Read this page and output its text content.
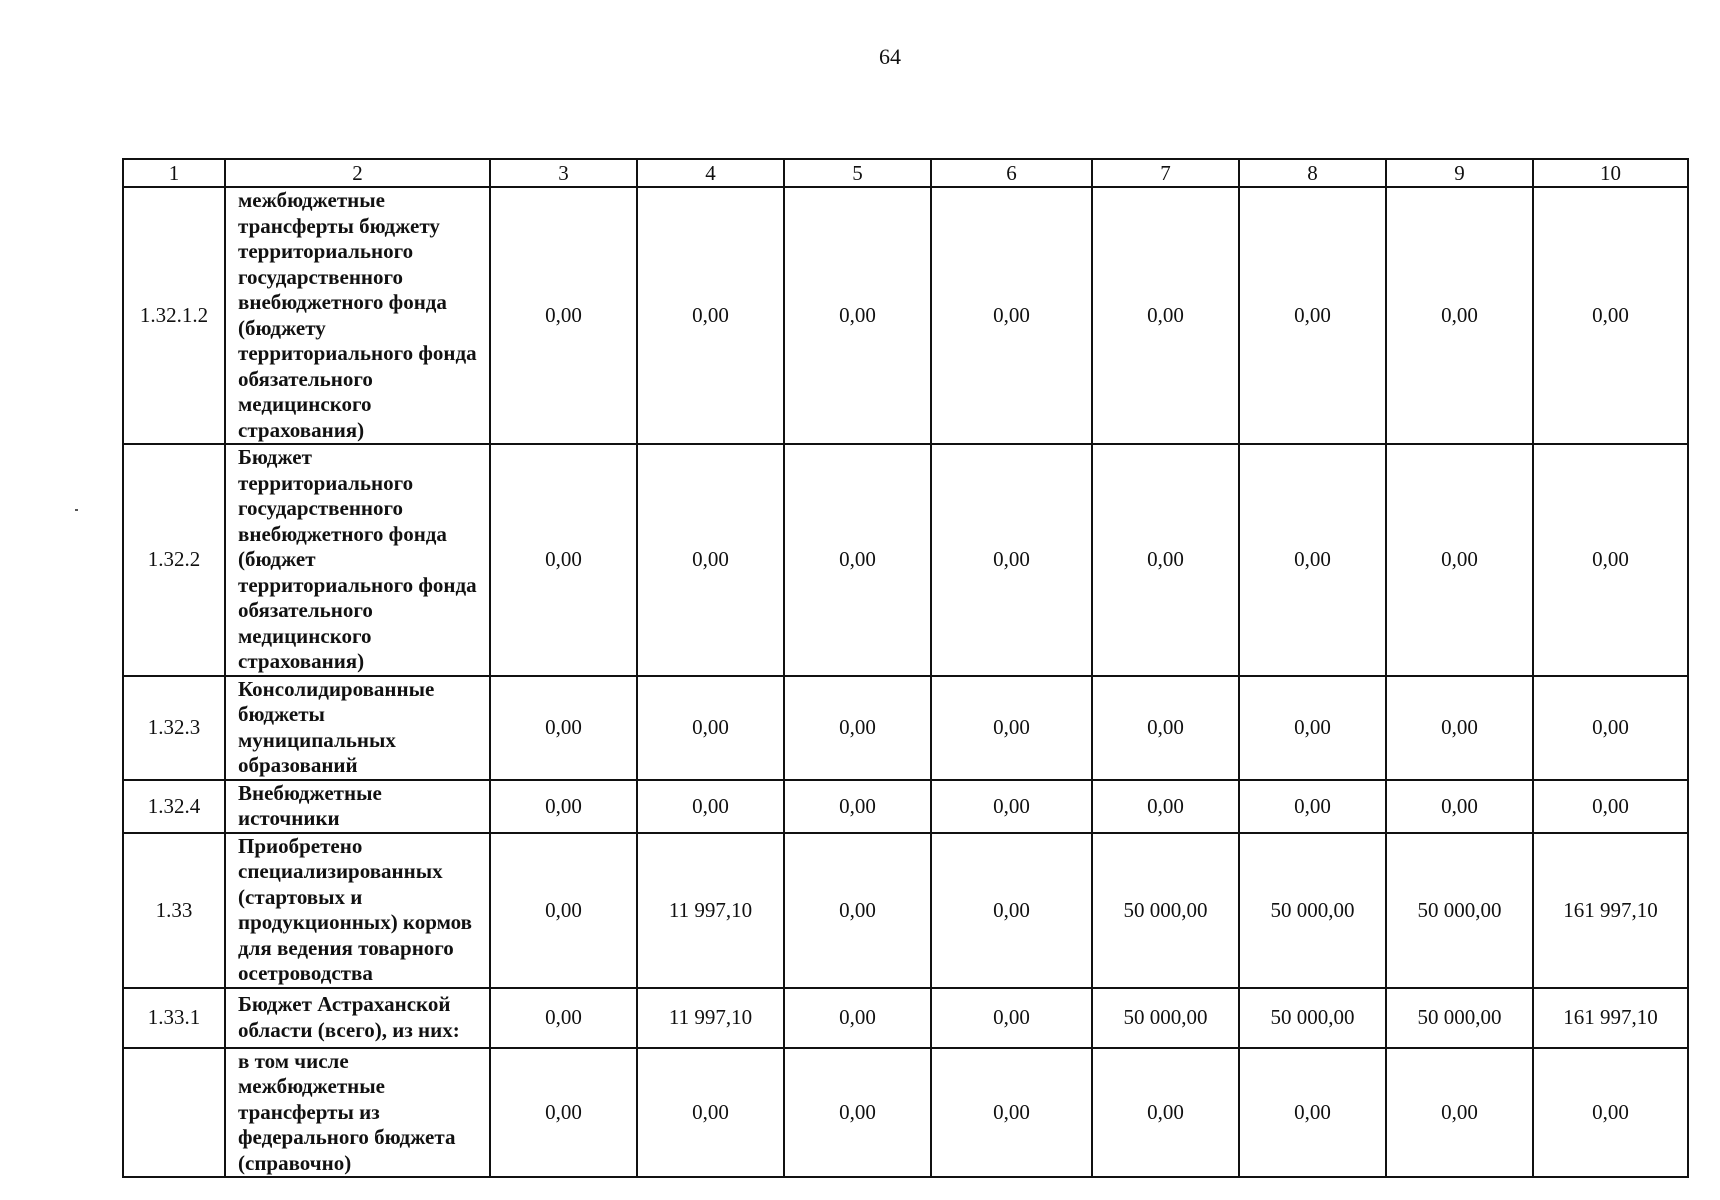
64
1	2	3	4	5	6	7	8	9	10
1.32.1.2	межбюджетные трансферты бюджету территориального государственного внебюджетного фонда (бюджету территориального фонда обязательного медицинского страхования)	0,00	0,00	0,00	0,00	0,00	0,00	0,00	0,00
1.32.2	Бюджет территориального государственного внебюджетного фонда (бюджет территориального фонда обязательного медицинского страхования)	0,00	0,00	0,00	0,00	0,00	0,00	0,00	0,00
1.32.3	Консолидированные бюджеты муниципальных образований	0,00	0,00	0,00	0,00	0,00	0,00	0,00	0,00
1.32.4	Внебюджетные источники	0,00	0,00	0,00	0,00	0,00	0,00	0,00	0,00
1.33	Приобретено специализированных (стартовых и продукционных) кормов для ведения товарного осетроводства	0,00	11 997,10	0,00	0,00	50 000,00	50 000,00	50 000,00	161 997,10
1.33.1	Бюджет Астраханской области (всего), из них:	0,00	11 997,10	0,00	0,00	50 000,00	50 000,00	50 000,00	161 997,10
	в том числе межбюджетные трансферты из федерального бюджета (справочно)	0,00	0,00	0,00	0,00	0,00	0,00	0,00	0,00
